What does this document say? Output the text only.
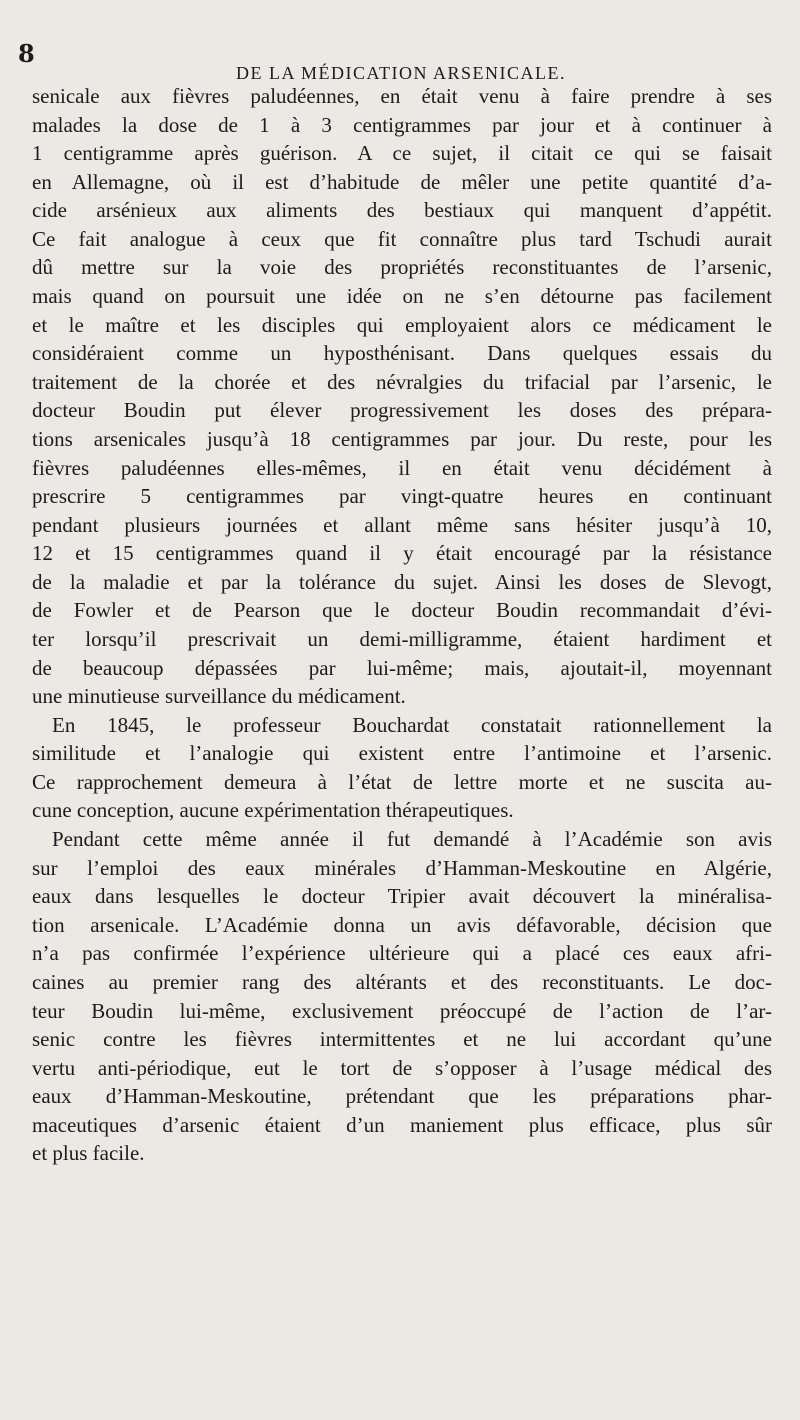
8
DE LA MÉDICATION ARSENICALE.
senicale aux fièvres paludéennes, en était venu à faire prendre à ses
malades la dose de 1 à 3 centigrammes par jour et à continuer à
1 centigramme après guérison. A ce sujet, il citait ce qui se faisait
en Allemagne, où il est d’habitude de mêler une petite quantité d’a-
cide arsénieux aux aliments des bestiaux qui manquent d’appétit.
Ce fait analogue à ceux que fit connaître plus tard Tschudi aurait
dû mettre sur la voie des propriétés reconstituantes de l’arsenic,
mais quand on poursuit une idée on ne s’en détourne pas facilement
et le maître et les disciples qui employaient alors ce médicament le
considéraient comme un hyposthénisant. Dans quelques essais du
traitement de la chorée et des névralgies du trifacial par l’arsenic, le
docteur Boudin put élever progressivement les doses des prépara-
tions arsenicales jusqu’à 18 centigrammes par jour. Du reste, pour les
fièvres paludéennes elles-mêmes, il en était venu décidément à
prescrire 5 centigrammes par vingt-quatre heures en continuant
pendant plusieurs journées et allant même sans hésiter jusqu’à 10,
12 et 15 centigrammes quand il y était encouragé par la résistance
de la maladie et par la tolérance du sujet. Ainsi les doses de Slevogt,
de Fowler et de Pearson que le docteur Boudin recommandait d’évi-
ter lorsqu’il prescrivait un demi-milligramme, étaient hardiment et
de beaucoup dépassées par lui-même; mais, ajoutait-il, moyennant
une minutieuse surveillance du médicament.
En 1845, le professeur Bouchardat constatait rationnellement la
similitude et l’analogie qui existent entre l’antimoine et l’arsenic.
Ce rapprochement demeura à l’état de lettre morte et ne suscita au-
cune conception, aucune expérimentation thérapeutiques.
Pendant cette même année il fut demandé à l’Académie son avis
sur l’emploi des eaux minérales d’Hamman-Meskoutine en Algérie,
eaux dans lesquelles le docteur Tripier avait découvert la minéralisa-
tion arsenicale. L’Académie donna un avis défavorable, décision que
n’a pas confirmée l’expérience ultérieure qui a placé ces eaux afri-
caines au premier rang des altérants et des reconstituants. Le doc-
teur Boudin lui-même, exclusivement préoccupé de l’action de l’ar-
senic contre les fièvres intermittentes et ne lui accordant qu’une
vertu anti-périodique, eut le tort de s’opposer à l’usage médical des
eaux d’Hamman-Meskoutine, prétendant que les préparations phar-
maceutiques d’arsenic étaient d’un maniement plus efficace, plus sûr
et plus facile.
